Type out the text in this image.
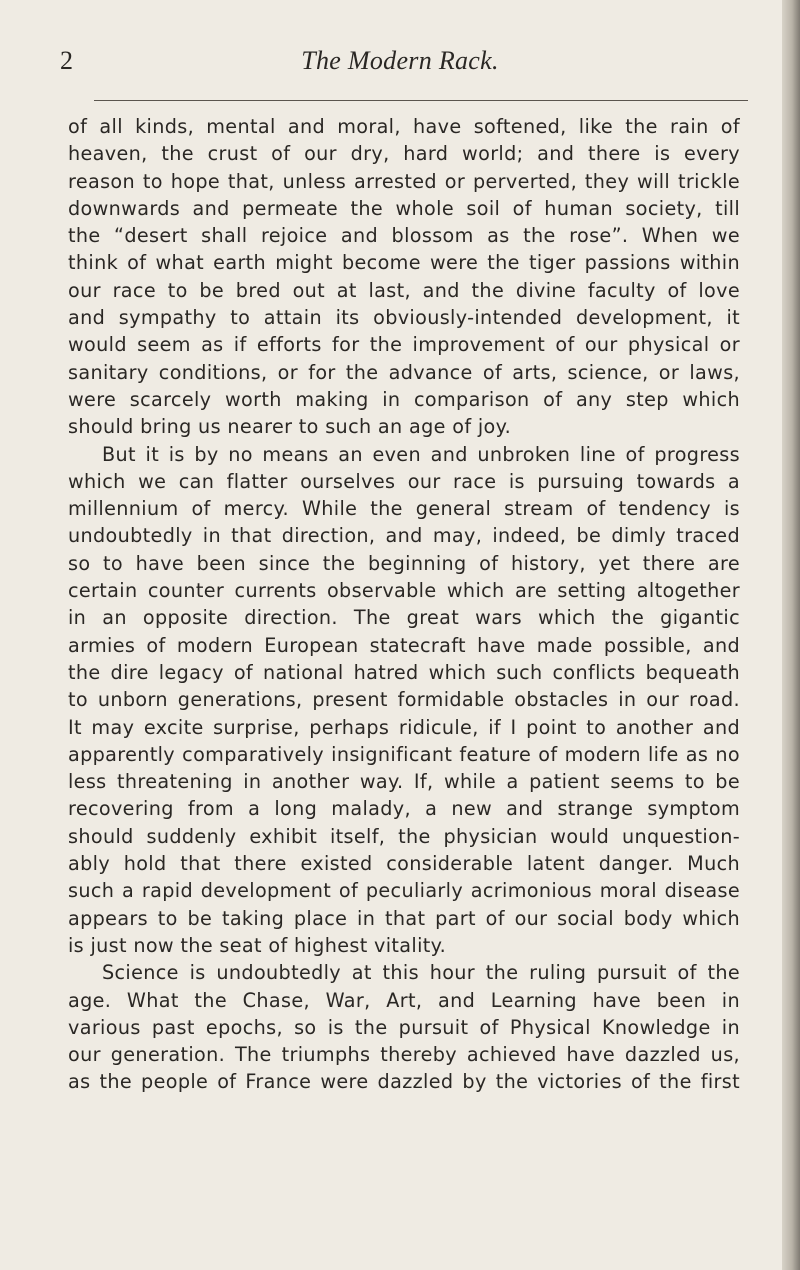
2	The Modern Rack.

of all kinds, mental and moral, have softened, like the rain of

heaven, the crust of our dry, hard world; and there is every

reason to hope that, unless arrested or perverted, they will trickle

downwards and permeate the whole soil of human society, till

the “desert shall rejoice and blossom as the rose”. When we

think of what earth might become were the tiger passions within

our race to be bred out at last, and the divine faculty of love

and sympathy to attain its obviously-intended development, it

would seem as if efforts for the improvement of our physical or

sanitary conditions, or for the advance of arts, science, or laws,

were scarcely worth making in comparison of any step which

should bring us nearer to such an age of joy.

But it is by no means an even and unbroken line of progress

which we can flatter ourselves our race is pursuing towards a

millennium of mercy. While the general stream of tendency is

undoubtedly in that direction, and may, indeed, be dimly traced

so to have been since the beginning of history, yet there are

certain counter currents observable which are setting altogether

in an opposite direction. The great wars which the gigantic

armies of modern European statecraft have made possible, and

the dire legacy of national hatred which such conflicts bequeath

to unborn generations, present formidable obstacles in our road.

It may excite surprise, perhaps ridicule, if I point to another and

apparently comparatively insignificant feature of modern life as no

less threatening in another way. If, while a patient seems to be

recovering from a long malady, a new and strange symptom

should suddenly exhibit itself, the physician would unquestion-

ably hold that there existed considerable latent danger. Much

such a rapid development of peculiarly acrimonious moral disease

appears to be taking place in that part of our social body which

is just now the seat of highest vitality.

Science is undoubtedly at this hour the ruling pursuit of the

age. What the Chase, War, Art, and Learning have been in

various past epochs, so is the pursuit of Physical Knowledge in

our generation. The triumphs thereby achieved have dazzled us,

as the people of France were dazzled by the victories of the first
